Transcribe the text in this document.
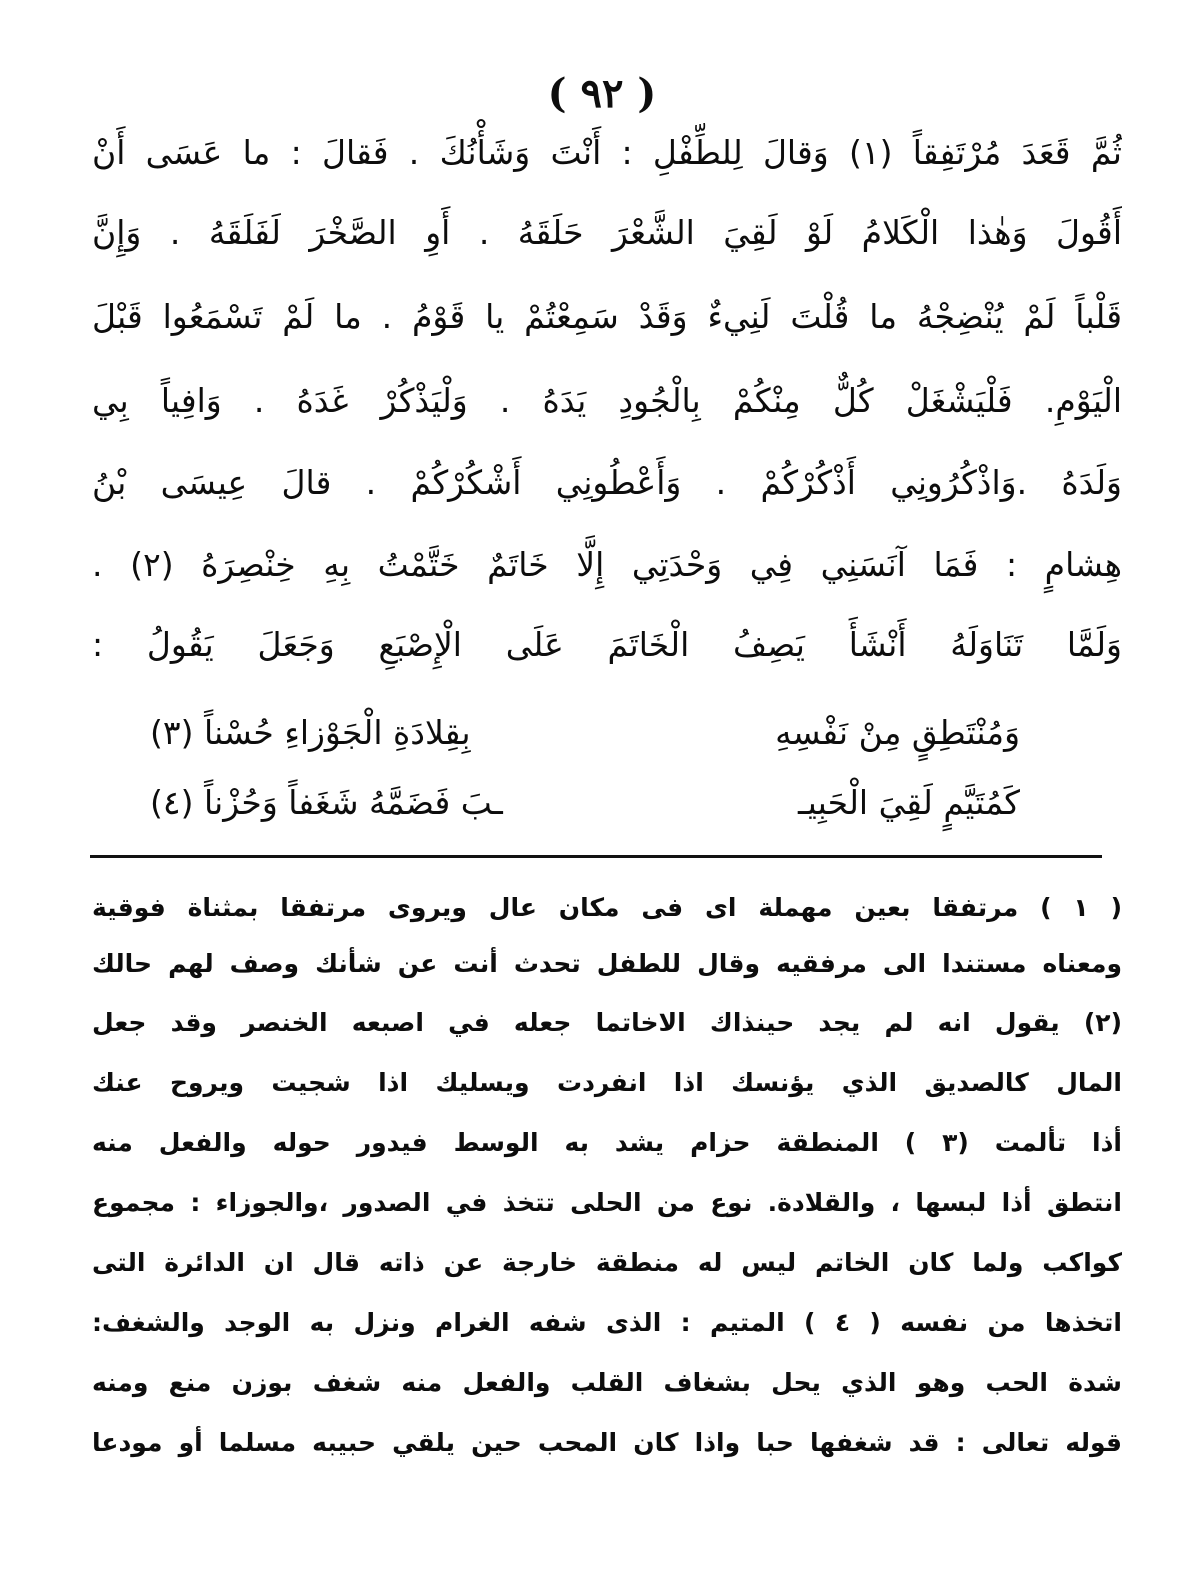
( ٩٢ )
ثُمَّ قَعَدَ مُرْتَفِقاً (١) وَقالَ لِلطِّفْلِ : أَنْتَ وَشَأْنُكَ . فَقالَ : ما عَسَى أَنْ
أَقُولَ وَهٰذا الْكَلامُ لَوْ لَقِيَ الشَّعْرَ حَلَقَهُ . أَوِ الصَّخْرَ لَفَلَقَهُ . وَإِنَّ
قَلْباً لَمْ يُنْضِجْهُ ما قُلْتَ لَنِيءٌ وَقَدْ سَمِعْتُمْ يا قَوْمُ . ما لَمْ تَسْمَعُوا قَبْلَ
الْيَوْمِ. فَلْيَشْغَلْ كُلٌّ مِنْكُمْ بِالْجُودِ يَدَهُ . وَلْيَذْكُرْ غَدَهُ . وَافِياً بِي
وَلَدَهُ .وَاذْكُرُونِي أَذْكُرْكُمْ . وَأَعْطُونِي أَشْكُرْكُمْ . قالَ عِيسَى بْنُ
هِشامٍ : فَمَا آنَسَنِي فِي وَحْدَتِي إِلَّا خَاتَمٌ خَتَّمْتُ بِهِ خِنْصِرَهُ (٢) .
وَلَمَّا تَنَاوَلَهُ أَنْشَأَ يَصِفُ الْخَاتَمَ عَلَى الْإِصْبَعِ وَجَعَلَ يَقُولُ :
وَمُنْتَطِقٍ مِنْ نَفْسِهِ
بِقِلادَةِ الْجَوْزاءِ حُسْناً (٣)
كَمُتَيَّمٍ لَقِيَ الْحَبِيـ
ـبَ فَضَمَّهُ شَغَفاً وَحُزْناً (٤)
( ١ ) مرتفقا بعين مهملة اى فى مكان عال ويروى مرتفقا بمثناة فوقية
ومعناه مستندا الى مرفقيه وقال للطفل تحدث أنت عن شأنك وصف لهم حالك
(٢) يقول انه لم يجد حينذاك الاخاتما جعله في اصبعه الخنصر وقد جعل
المال كالصديق الذي يؤنسك اذا انفردت ويسليك اذا شجيت ويروح عنك
أذا تألمت (٣ ) المنطقة حزام يشد به الوسط فيدور حوله والفعل منه
انتطق أذا لبسها ، والقلادة. نوع من الحلى تتخذ في الصدور ،والجوزاء : مجموع
كواكب ولما كان الخاتم ليس له منطقة خارجة عن ذاته قال ان الدائرة التى
اتخذها من نفسه ( ٤ ) المتيم : الذى شفه الغرام ونزل به الوجد والشغف:
شدة الحب وهو الذي يحل بشغاف القلب والفعل منه شغف بوزن منع ومنه
قوله تعالى : قد شغفها حبا واذا كان المحب حين يلقي حبيبه مسلما أو مودعا
